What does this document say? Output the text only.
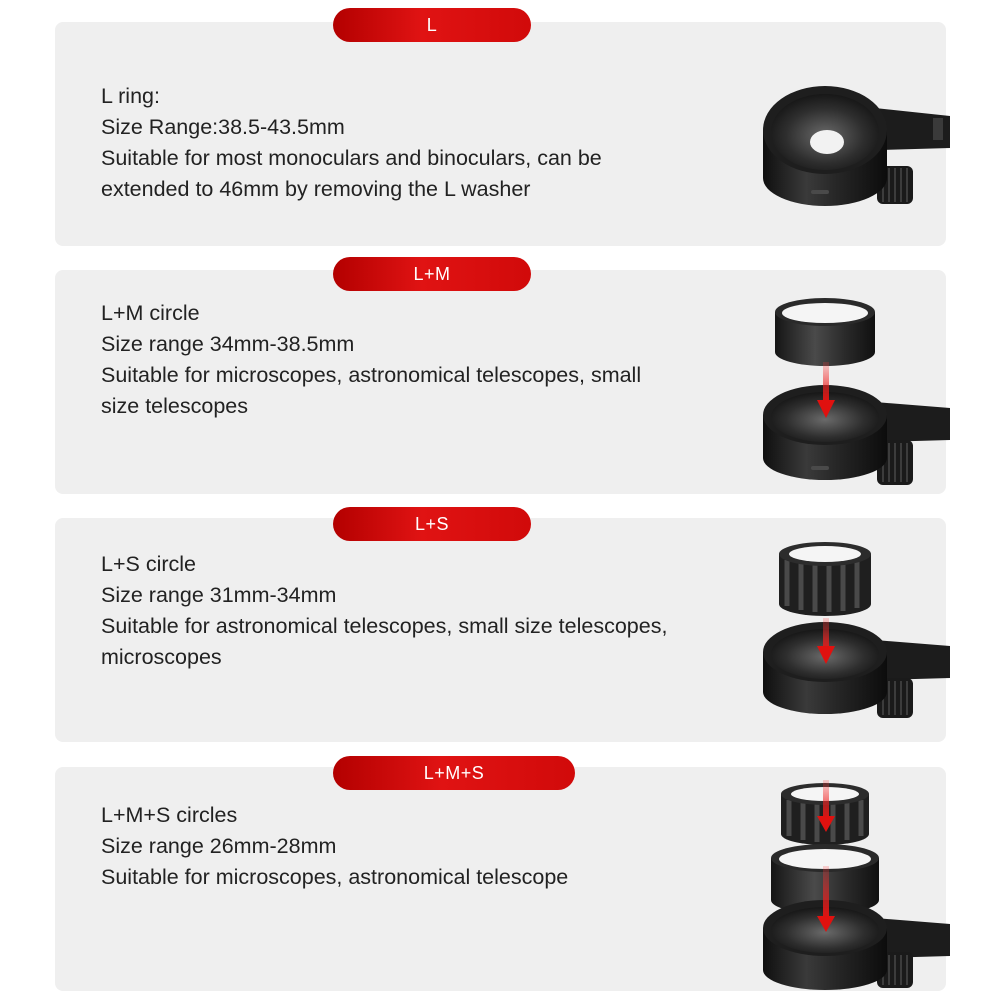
L
L ring:
Size Range:38.5-43.5mm
Suitable for most monoculars and binoculars, can be
extended to 46mm by removing the L washer
L+M
L+M circle
Size range 34mm-38.5mm
Suitable for microscopes, astronomical telescopes, small
size telescopes
L+S
L+S circle
Size range 31mm-34mm
Suitable for astronomical telescopes, small size telescopes,
microscopes
L+M+S
L+M+S circles
Size range 26mm-28mm
Suitable for microscopes, astronomical telescope
